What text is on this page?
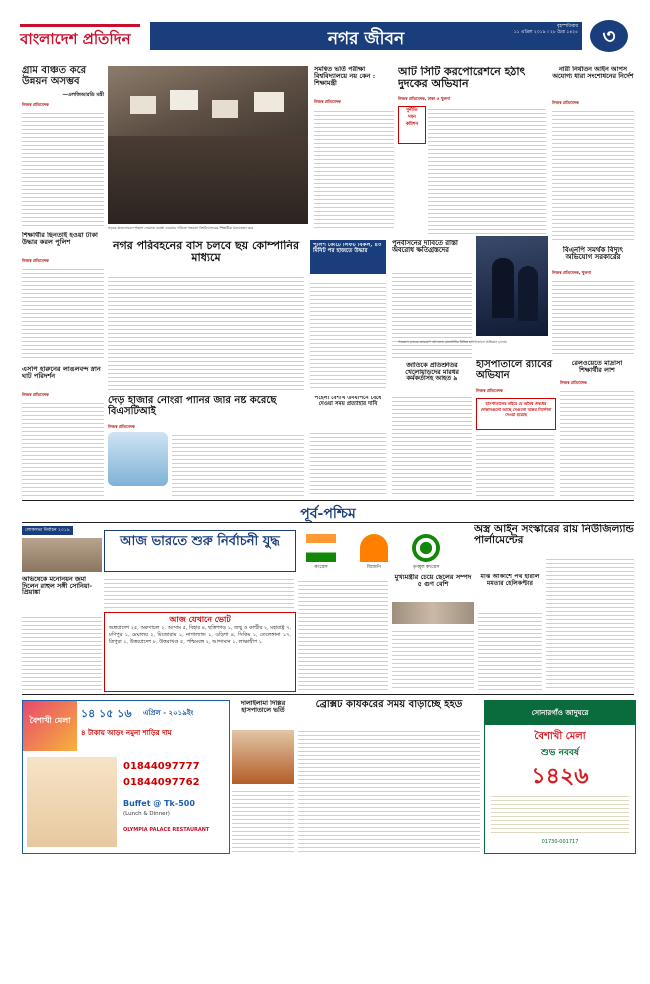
বাংলাদেশ প্রতিদিন	নগর জীবন
বৃহস্পতিবার
১১ এপ্রিল ২০১৯ । ২৮ চৈত্র ১৪২৫	৩
গ্রাম বঞ্চিত করে উন্নয়ন অসম্ভব
—এলজিআরডি মন্ত্রী
নিজস্ব প্রতিবেদক
সড়কে যানচলাচলে শৃঙ্খলা ফেরাতে ব্যবস্থা নেওয়ার দাবিতে গতকাল বিশ্ববিদ্যালয়ের শিক্ষার্থীরা মানববন্ধন করে
সমন্বিত ভর্তি পরীক্ষা বিশ্ববিদ্যালয়ে নয় কেন : শিক্ষামন্ত্রী
নিজস্ব প্রতিবেদক
আট সিটি করপোরেশনে হঠাৎ দুদকের অভিযান
নিজস্ব প্রতিবেদক, ঢাকা ও খুলনা
দুর্নীতি
দমন
কমিশন
নারী নির্যাতন আইন আপস অযোগ্য ধারা সংশোধনের নির্দেশ
নিজস্ব প্রতিবেদক
শিক্ষার্থীর ছিনতাই হওয়া টাকা উদ্ধার করল পুলিশ
নিজস্ব প্রতিবেদক
নগর পরিবহনের বাস চলবে ছয় কোম্পানির মাধ্যমে
পুলিশ কোর্টে লিফট বিকল, ৪০ মিনিট পর হাজতে উদ্ধার
পুনর্বাসনের দাবিতে রাস্তা অবরোধ ক্ষতিগ্রস্তদের	বিএনপি সমর্থক বিদ্যুৎ অভিযোগ সরকারের
নিজস্ব প্রতিবেদক, খুলনা
গতকাল র‌্যাবের ভ্রাম্যমাণ আদালত রাজধানীর বিভিন্ন হাসপাতালে অভিযান চালায়
এসপি হারুনের লাঙলবন্দ স্নান ঘাট পরিদর্শন
নিজস্ব প্রতিবেদক
দেড় হাজার নোংরা পানির জার নষ্ট করেছে বিএসটিআই
নিজস্ব প্রতিবেদক
পহেলা বৈশাখ উদযাপনে বেঁধে দেওয়া সময় প্রত্যাহার দাবি
জাতিকে প্রতিশ্রুতির খেলোয়াড়দের মারধর কর্মকর্তাসহ আহত ৯
হাসপাতালে র‌্যাবের অভিযান
নিজস্ব প্রতিবেদক
হাসপাতালের বাইরে যে অবৈধ ঔষধের দোকানগুলো আছে সেগুলো বন্ধের নির্দেশনা দেওয়া হয়েছে
রেলওয়েতে মাদ্রাসা শিক্ষার্থীর লাশ
নিজস্ব প্রতিবেদক
পূর্ব-পশ্চিম
লোকসভা নির্বাচন ২০১৯
আজ ভারতে শুরু নির্বাচনী যুদ্ধ
কংগ্রেস	বিজেপি	তৃণমূল কংগ্রেস
অভিষেকে মনোনয়ন জমা দিলেন রাহুল সঙ্গী সোনিয়া-প্রিয়াঙ্কা
আজ যেখানে ভোট
অন্ধ্রপ্রদেশ ২৫, অরুণাচল ২, আসাম ৫, বিহার ৪, ছত্তিশগড় ১, জম্মু ও কাশ্মীর ২, মহারাষ্ট্র ৭, মণিপুর ১, মেঘালয় ২, মিজোরাম ১, নাগাল্যান্ড ১, ওড়িশা ৪, সিকিম ১, তেলেঙ্গানা ১৭, ত্রিপুরা ১, উত্তরপ্রদেশ ৮, উত্তরাখণ্ড ৫, পশ্চিমবঙ্গ ২, আন্দামান ১, লাক্ষাদ্বীপ ১
মুখ্যমন্ত্রীর চেয়ে ছেলের সম্পদ ৫ গুণ বেশি
মাঝ আকাশে পথ হারাল মমতার হেলিকপ্টার
অস্ত্র আইন সংস্কারের রায় নিউজিল্যান্ড পার্লামেন্টের
বৈশাখী মেলা ১৪ ১৫ ১৬ এপ্রিল - ২০১৯ইং
৪ টাকায় আড়ং নমুনা শাড়ির দাম
01844097777
01844097762
Buffet @ Tk-500
(Lunch & Dinner)
OLYMPIA PALACE RESTAURANT
দালাইলামা দিল্লির হাসপাতালে ভর্তি	ব্রেক্সিট কার্যকরের সময় বাড়াচ্ছে ইইউ
সোনারগাঁও জাদুঘরে
বৈশাখী মেলা
শুভ নববর্ষ
১৪২৬
01730-001717
